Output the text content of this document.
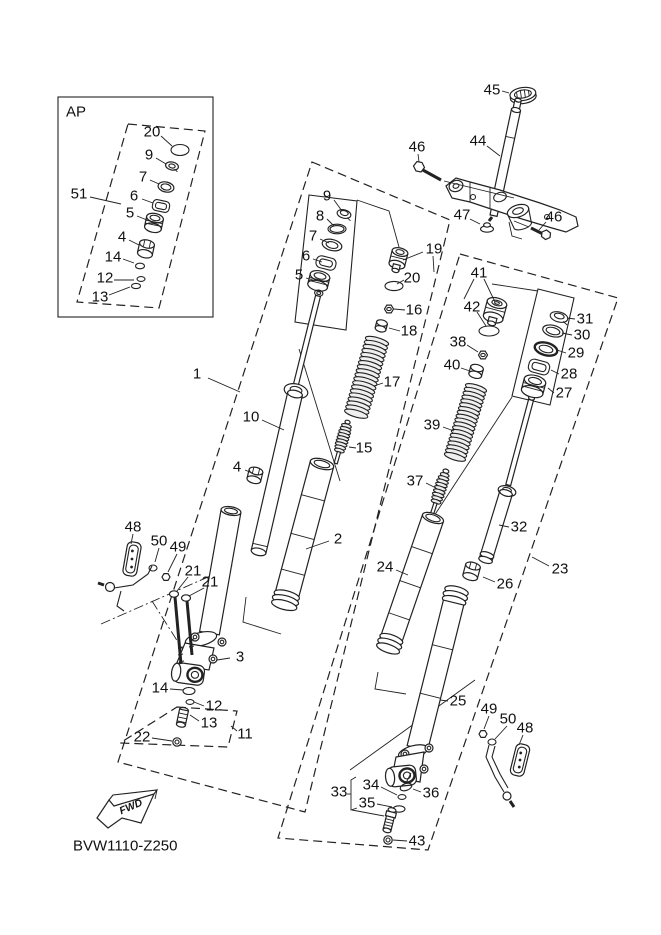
FWD
BVW1110-Z250
AP
51
20
9
7
6
5
4
14
12
13
45
44
46
46
47
9
8
7
6
5
19
20
16
18
17
15
1
10
4
2
41
42
31
30
29
38
28
40
27
39
37
32
24
26
23
25
48
50 49
21
21
3
14
12
13
11
22
49
50
48
34
33
35
36
43
